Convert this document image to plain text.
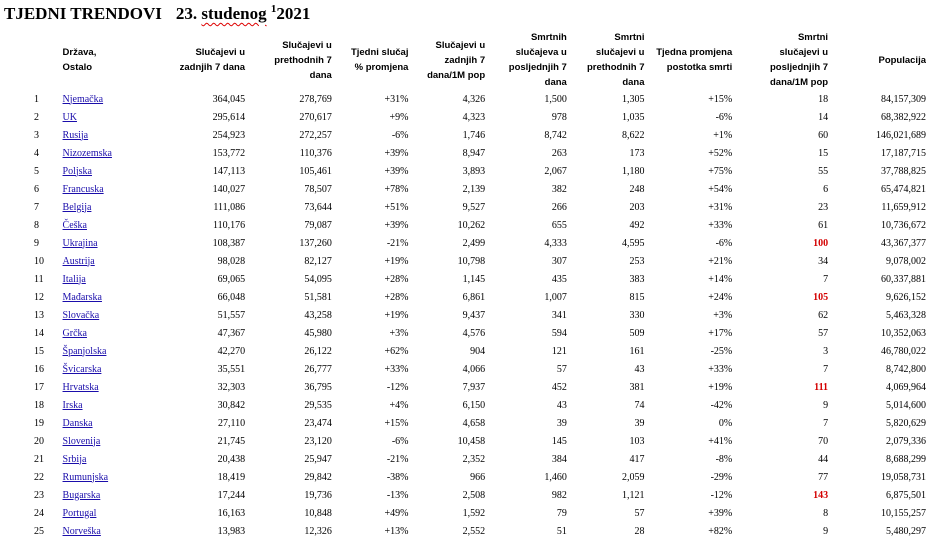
TJEDNI TRENDOVI 23. studenog $^1$2021
	Država,
Ostalo	Slučajevi u
zadnjih 7 dana	Slučajevi u
prethodnih 7
dana	Tjedni slučaj
% promjena	Slučajevi u
zadnjih 7
dana/1M pop	Smrtnih
slučajeva u
posljednjih 7
dana	Smrtni
slučajevi u
prethodnih 7
dana	Tjedna promjena
postotka smrti	Smrtni
slučajevi u
posljednjih 7
dana/1M pop	Populacija
1	Njemačka	364,045	278,769	+31%	4,326	1,500	1,305	+15%	18	84,157,309
2	UK	295,614	270,617	+9%	4,323	978	1,035	-6%	14	68,382,922
3	Rusija	254,923	272,257	-6%	1,746	8,742	8,622	+1%	60	146,021,689
4	Nizozemska	153,772	110,376	+39%	8,947	263	173	+52%	15	17,187,715
5	Poljska	147,113	105,461	+39%	3,893	2,067	1,180	+75%	55	37,788,825
6	Francuska	140,027	78,507	+78%	2,139	382	248	+54%	6	65,474,821
7	Belgija	111,086	73,644	+51%	9,527	266	203	+31%	23	11,659,912
8	Češka	110,176	79,087	+39%	10,262	655	492	+33%	61	10,736,672
9	Ukrajina	108,387	137,260	-21%	2,499	4,333	4,595	-6%	100	43,367,377
10	Austrija	98,028	82,127	+19%	10,798	307	253	+21%	34	9,078,002
11	Italija	69,065	54,095	+28%	1,145	435	383	+14%	7	60,337,881
12	Mađarska	66,048	51,581	+28%	6,861	1,007	815	+24%	105	9,626,152
13	Slovačka	51,557	43,258	+19%	9,437	341	330	+3%	62	5,463,328
14	Grčka	47,367	45,980	+3%	4,576	594	509	+17%	57	10,352,063
15	Španjolska	42,270	26,122	+62%	904	121	161	-25%	3	46,780,022
16	Švicarska	35,551	26,777	+33%	4,066	57	43	+33%	7	8,742,800
17	Hrvatska	32,303	36,795	-12%	7,937	452	381	+19%	111	4,069,964
18	Irska	30,842	29,535	+4%	6,150	43	74	-42%	9	5,014,600
19	Danska	27,110	23,474	+15%	4,658	39	39	0%	7	5,820,629
20	Slovenija	21,745	23,120	-6%	10,458	145	103	+41%	70	2,079,336
21	Srbija	20,438	25,947	-21%	2,352	384	417	-8%	44	8,688,299
22	Rumunjska	18,419	29,842	-38%	966	1,460	2,059	-29%	77	19,058,731
23	Bugarska	17,244	19,736	-13%	2,508	982	1,121	-12%	143	6,875,501
24	Portugal	16,163	10,848	+49%	1,592	79	57	+39%	8	10,155,257
25	Norveška	13,983	12,326	+13%	2,552	51	28	+82%	9	5,480,297
